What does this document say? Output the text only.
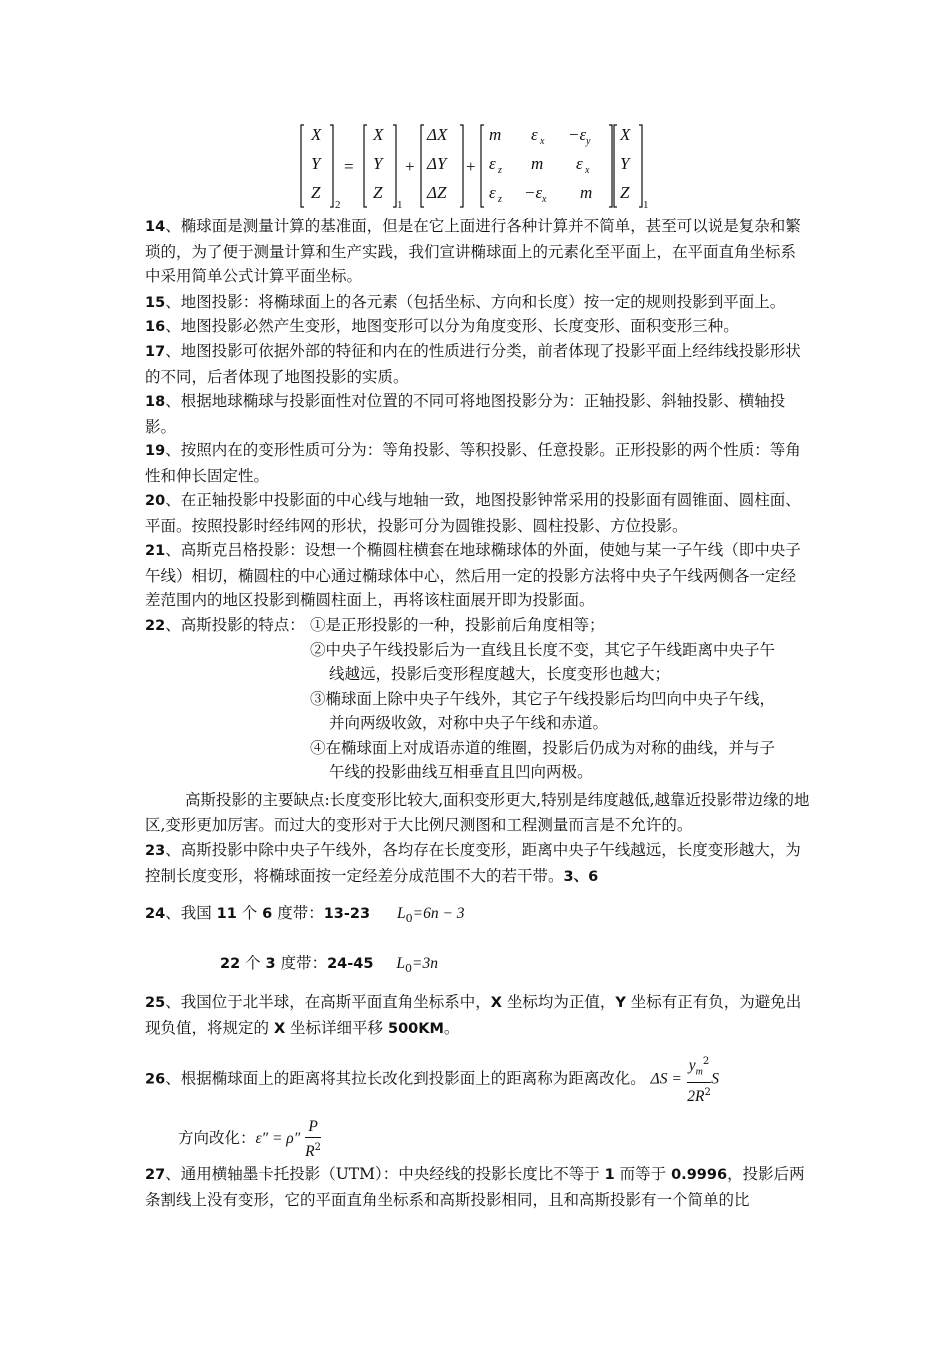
X
Y
Z
2
=
X
Y
Z
1
+
ΔX
ΔY
ΔZ
+
m ε x −ε y
ε z m ε x
ε z −ε x m
X
Y
Z
1
14、椭球面是测量计算的基准面，但是在它上面进行各种计算并不简单，甚至可以说是复杂和繁琐的，为了便于测量计算和生产实践，我们宣讲椭球面上的元素化至平面上，在平面直角坐标系中采用简单公式计算平面坐标。
15、地图投影：将椭球面上的各元素（包括坐标、方向和长度）按一定的规则投影到平面上。
16、地图投影必然产生变形，地图变形可以分为角度变形、长度变形、面积变形三种。
17、地图投影可依据外部的特征和内在的性质进行分类，前者体现了投影平面上经纬线投影形状的不同，后者体现了地图投影的实质。
18、根据地球椭球与投影面性对位置的不同可将地图投影分为：正轴投影、斜轴投影、横轴投影。
19、按照内在的变形性质可分为：等角投影、等积投影、任意投影。正形投影的两个性质：等角性和伸长固定性。
20、在正轴投影中投影面的中心线与地轴一致，地图投影钟常采用的投影面有圆锥面、圆柱面、平面。按照投影时经纬网的形状，投影可分为圆锥投影、圆柱投影、方位投影。
21、高斯克吕格投影：设想一个椭圆柱横套在地球椭球体的外面，使她与某一子午线（即中央子午线）相切，椭圆柱的中心通过椭球体中心，然后用一定的投影方法将中央子午线两侧各一定经差范围内的地区投影到椭圆柱面上，再将该柱面展开即为投影面。
22、高斯投影的特点： ①是正形投影的一种，投影前后角度相等；
②中央子午线投影后为一直线且长度不变，其它子午线距离中央子午
线越远，投影后变形程度越大，长度变形也越大；
③椭球面上除中央子午线外，其它子午线投影后均凹向中央子午线，
并向两级收敛，对称中央子午线和赤道。
④在椭球面上对成语赤道的维圈，投影后仍成为对称的曲线，并与子
午线的投影曲线互相垂直且凹向两极。
高斯投影的主要缺点:长度变形比较大,面积变形更大,特别是纬度越低,越靠近投影带边缘的地区,变形更加厉害。而过大的变形对于大比例尺测图和工程测量而言是不允许的。
23、高斯投影中除中央子午线外，各均存在长度变形，距离中央子午线越远，长度变形越大，为控制长度变形，将椭球面按一定经差分成范围不大的若干带。3、6
24、我国 11 个 6 度带：13-23 $L_0=6n - 3$
22 个 3 度带：24-45 $L_0=3n$
25、我国位于北半球，在高斯平面直角坐标系中，X 坐标均为正值，Y 坐标有正有负，为避免出现负值，将规定的 X 坐标详细平移 500KM。
26、根据椭球面上的距离将其拉长改化到投影面上的距离称为距离改化。 $\Delta S = \frac{y_m^2}{2R^2}$ S
方向改化：$\varepsilon'' = \rho'' \frac{P}{R^2}$
27、通用横轴墨卡托投影（UTM）：中央经线的投影长度比不等于 1 而等于 0.9996，投影后两条割线上没有变形，它的平面直角坐标系和高斯投影相同，且和高斯投影有一个简单的比
